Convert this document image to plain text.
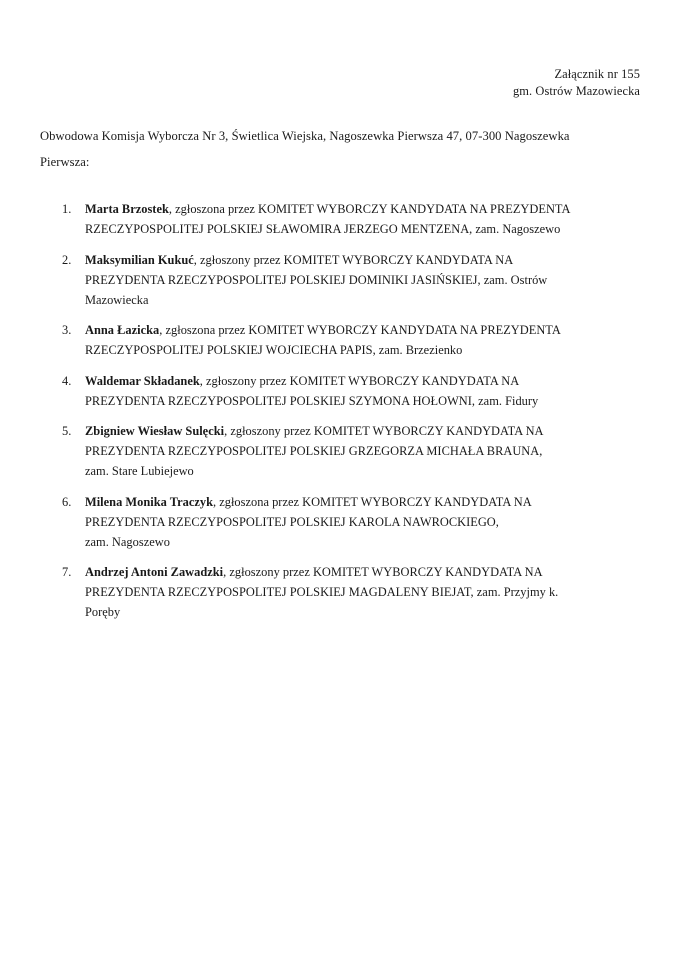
Załącznik nr 155
gm. Ostrów Mazowiecka
Obwodowa Komisja Wyborcza Nr 3, Świetlica Wiejska, Nagoszewka Pierwsza 47, 07-300 Nagoszewka
Pierwsza:
1.	Marta Brzostek, zgłoszona przez KOMITET WYBORCZY KANDYDATA NA PREZYDENTA
RZECZYPOSPOLITEJ POLSKIEJ SŁAWOMIRA JERZEGO MENTZENA, zam. Nagoszewo
2.	Maksymilian Kukuć, zgłoszony przez KOMITET WYBORCZY KANDYDATA NA
PREZYDENTA RZECZYPOSPOLITEJ POLSKIEJ DOMINIKI JASIŃSKIEJ, zam. Ostrów
Mazowiecka
3.	Anna Łazicka, zgłoszona przez KOMITET WYBORCZY KANDYDATA NA PREZYDENTA
RZECZYPOSPOLITEJ POLSKIEJ WOJCIECHA PAPIS, zam. Brzezienko
4.	Waldemar Składanek, zgłoszony przez KOMITET WYBORCZY KANDYDATA NA
PREZYDENTA RZECZYPOSPOLITEJ POLSKIEJ SZYMONA HOŁOWNI, zam. Fidury
5.	Zbigniew Wiesław Sulęcki, zgłoszony przez KOMITET WYBORCZY KANDYDATA NA
PREZYDENTA RZECZYPOSPOLITEJ POLSKIEJ GRZEGORZA MICHAŁA BRAUNA,
zam. Stare Lubiejewo
6.	Milena Monika Traczyk, zgłoszona przez KOMITET WYBORCZY KANDYDATA NA
PREZYDENTA RZECZYPOSPOLITEJ POLSKIEJ KAROLA NAWROCKIEGO,
zam. Nagoszewo
7.	Andrzej Antoni Zawadzki, zgłoszony przez KOMITET WYBORCZY KANDYDATA NA
PREZYDENTA RZECZYPOSPOLITEJ POLSKIEJ MAGDALENY BIEJAT, zam. Przyjmy k.
Poręby
